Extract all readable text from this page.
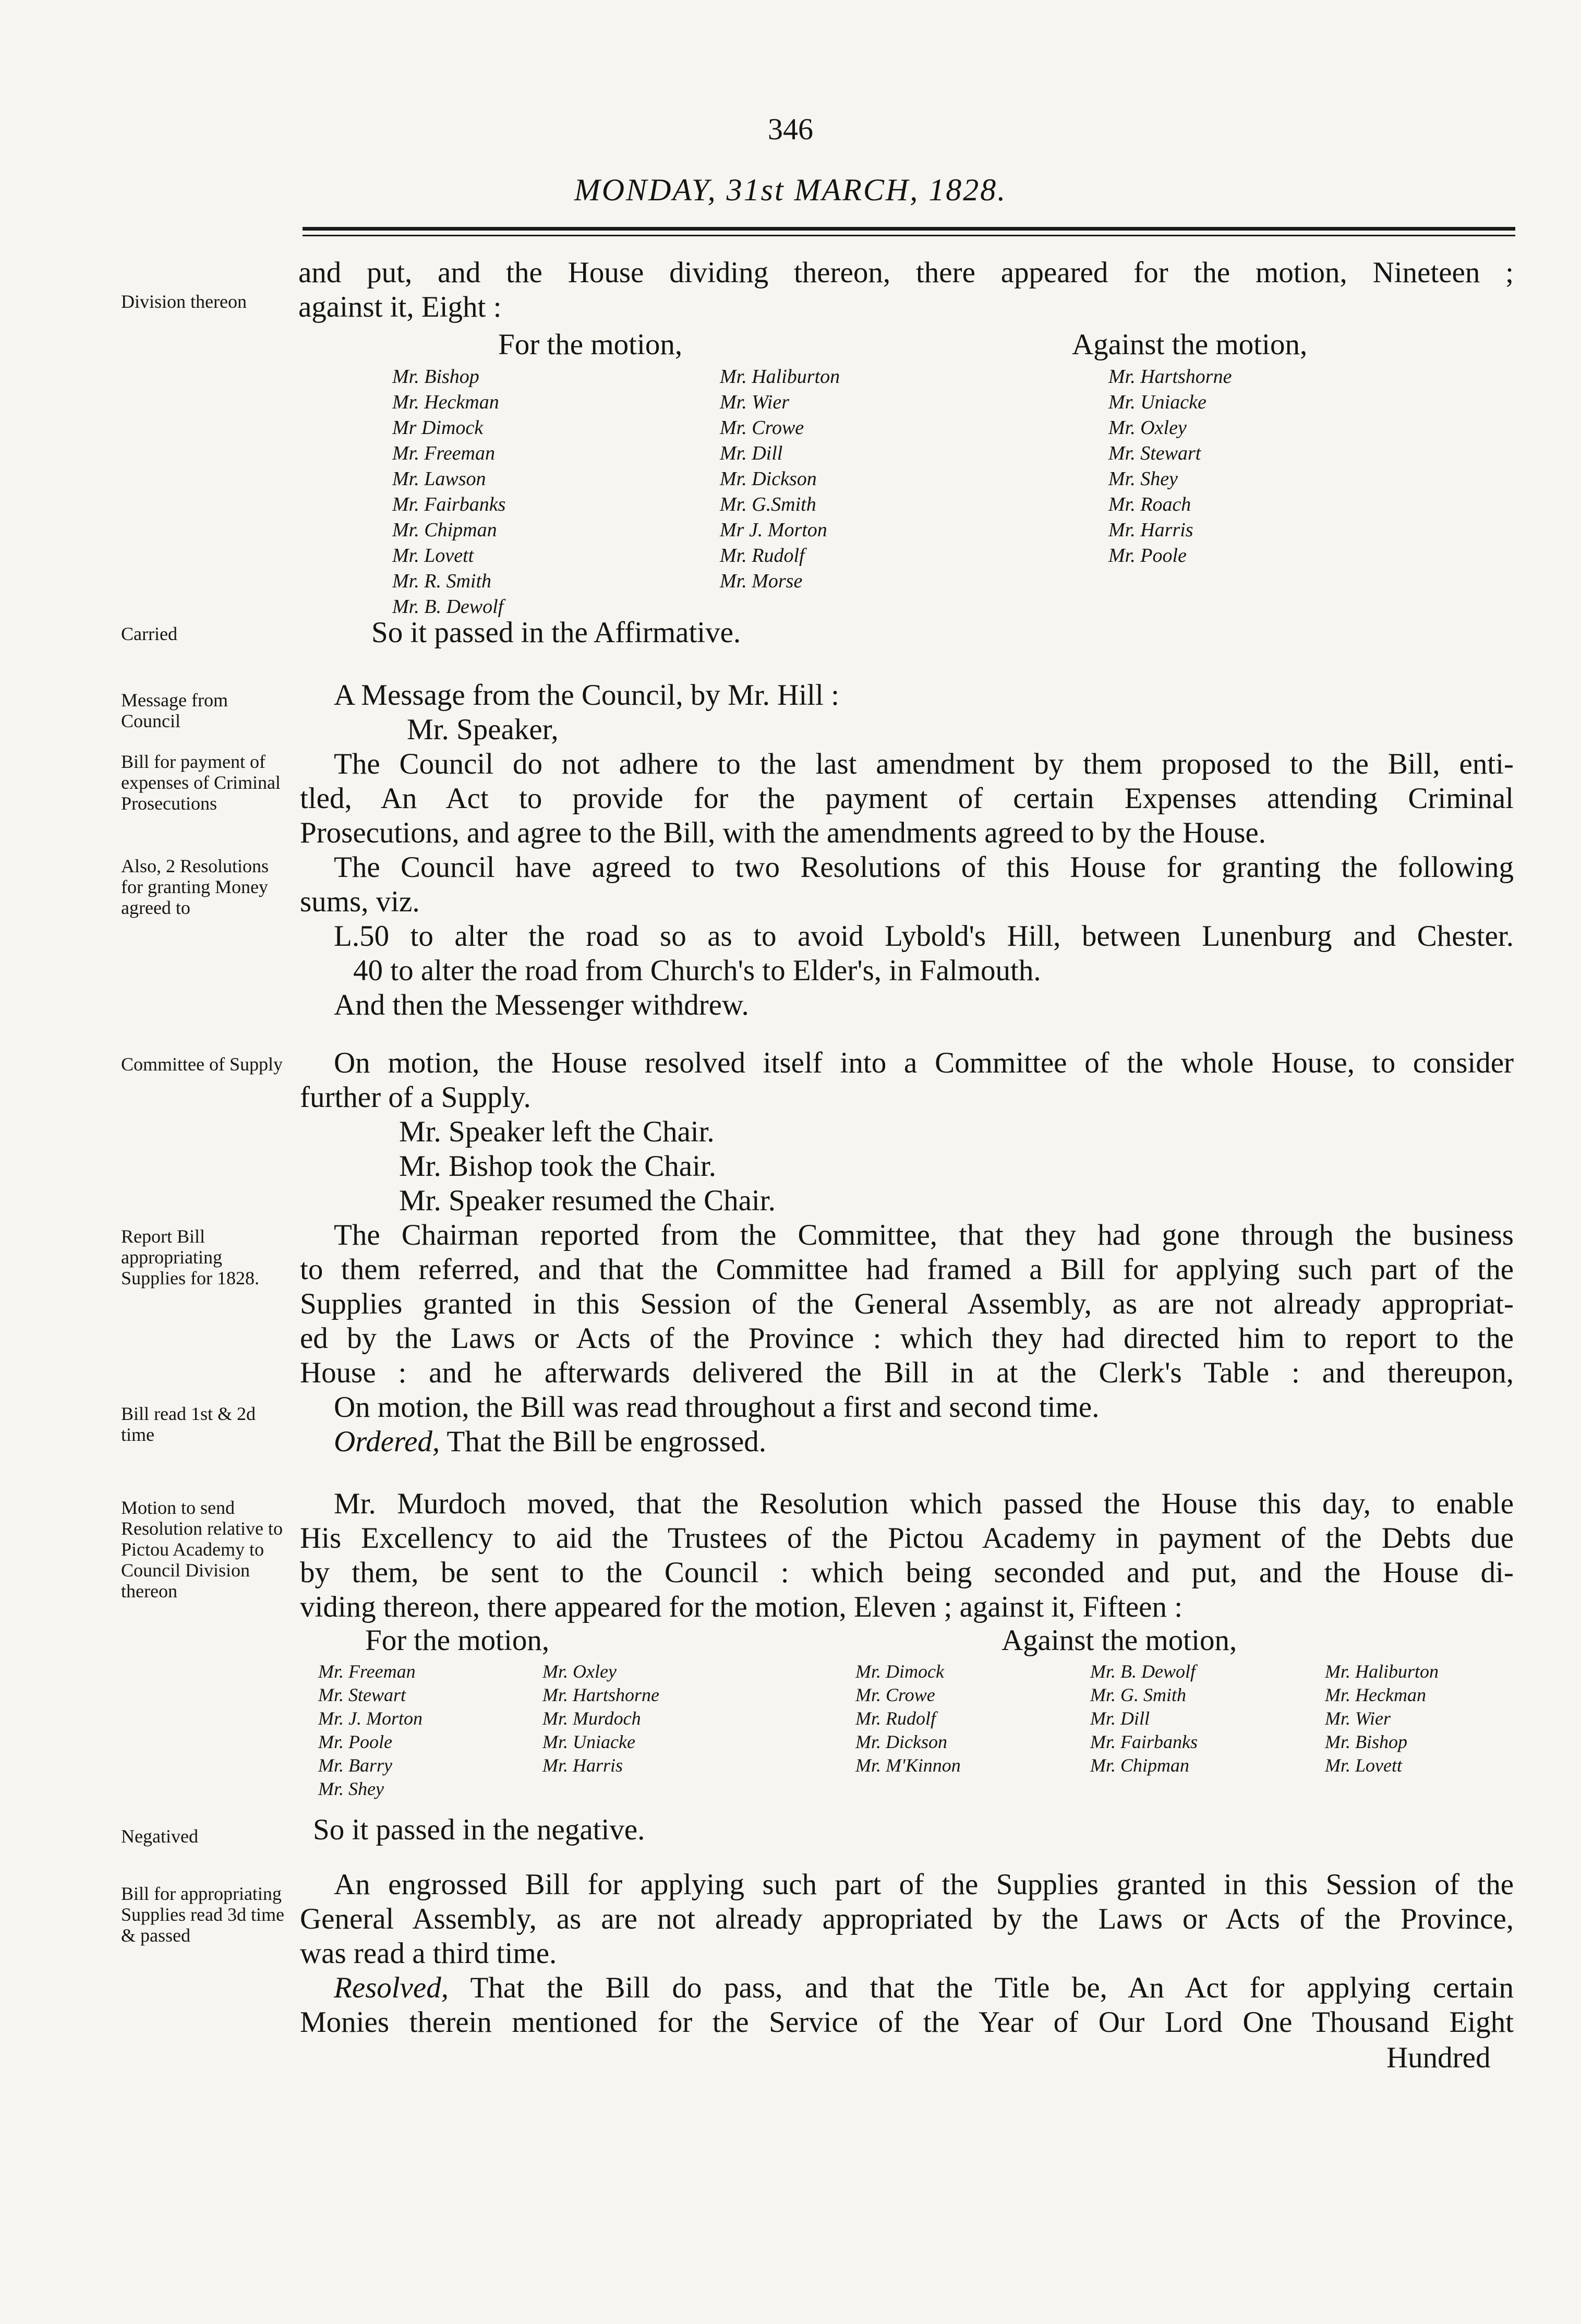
346
MONDAY, 31st MARCH, 1828.
Division thereon
Carried
Message from Council
Bill for payment of expenses of Criminal Prosecutions
Also, 2 Resolutions for granting Money agreed to
Committee of Supply
Report Bill appropriating Supplies for 1828.
Bill read 1st & 2d time
Motion to send Resolution relative to Pictou Academy to Council Division thereon
Negatived
Bill for appropriating Supplies read 3d time & passed
and put, and the House dividing thereon, there appeared for the motion, Nineteen ;
against it, Eight :
For the motion,	Against the motion,
Mr. Bishop
Mr. Heckman
Mr Dimock
Mr. Freeman
Mr. Lawson
Mr. Fairbanks
Mr. Chipman
Mr. Lovett
Mr. R. Smith
Mr. B. Dewolf
Mr. Haliburton
Mr. Wier
Mr. Crowe
Mr. Dill
Mr. Dickson
Mr. G.Smith
Mr J. Morton
Mr. Rudolf
Mr. Morse
Mr. Hartshorne
Mr. Uniacke
Mr. Oxley
Mr. Stewart
Mr. Shey
Mr. Roach
Mr. Harris
Mr. Poole
So it passed in the Affirmative.
A Message from the Council, by Mr. Hill :
Mr. Speaker,
The Council do not adhere to the last amendment by them proposed to the Bill, enti-
tled, An Act to provide for the payment of certain Expenses attending Criminal
Prosecutions, and agree to the Bill, with the amendments agreed to by the House.
The Council have agreed to two Resolutions of this House for granting the following
sums, viz.
L.50 to alter the road so as to avoid Lybold's Hill, between Lunenburg and Chester.
40 to alter the road from Church's to Elder's, in Falmouth.
And then the Messenger withdrew.
On motion, the House resolved itself into a Committee of the whole House, to consider
further of a Supply.
Mr. Speaker left the Chair.
Mr. Bishop took the Chair.
Mr. Speaker resumed the Chair.
The Chairman reported from the Committee, that they had gone through the business
to them referred, and that the Committee had framed a Bill for applying such part of the
Supplies granted in this Session of the General Assembly, as are not already appropriat-
ed by the Laws or Acts of the Province : which they had directed him to report to the
House : and he afterwards delivered the Bill in at the Clerk's Table : and thereupon,
On motion, the Bill was read throughout a first and second time.
Ordered, That the Bill be engrossed.
Mr. Murdoch moved, that the Resolution which passed the House this day, to enable
His Excellency to aid the Trustees of the Pictou Academy in payment of the Debts due
by them, be sent to the Council : which being seconded and put, and the House di-
viding thereon, there appeared for the motion, Eleven ; against it, Fifteen :
For the motion,	Against the motion,
Mr. Freeman
Mr. Stewart
Mr. J. Morton
Mr. Poole
Mr. Barry
Mr. Shey
Mr. Oxley
Mr. Hartshorne
Mr. Murdoch
Mr. Uniacke
Mr. Harris
Mr. Dimock
Mr. Crowe
Mr. Rudolf
Mr. Dickson
Mr. M'Kinnon
Mr. B. Dewolf
Mr. G. Smith
Mr. Dill
Mr. Fairbanks
Mr. Chipman
Mr. Haliburton
Mr. Heckman
Mr. Wier
Mr. Bishop
Mr. Lovett
So it passed in the negative.
An engrossed Bill for applying such part of the Supplies granted in this Session of the
General Assembly, as are not already appropriated by the Laws or Acts of the Province,
was read a third time.
Resolved, That the Bill do pass, and that the Title be, An Act for applying certain
Monies therein mentioned for the Service of the Year of Our Lord One Thousand Eight
Hundred
